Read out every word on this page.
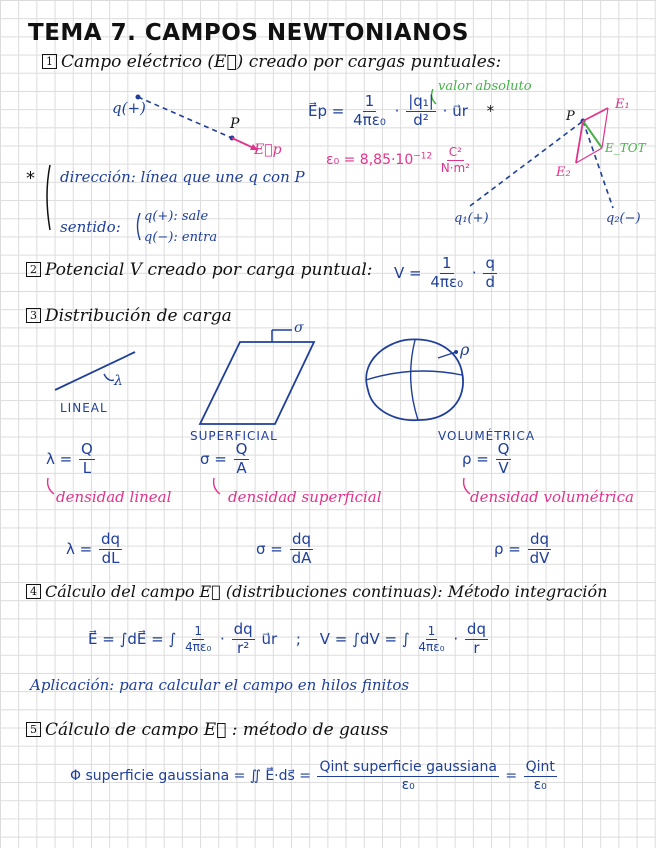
TEMA 7. CAMPOS NEWTONIANOS
1 Campo eléctrico (E⃗) creado por cargas puntuales:
q(+)
P
E⃗p
E⃗p = $\frac{1}{\text{4πε₀}} \cdot \frac{\text{|q₁|}}{\text{d²}}$ · u⃗r *
valor absoluto
$\varepsilon_0 = 8,85\cdot 10^{-12} \frac{\text{C²}}{\text{N·m²}}$
* dirección: línea que une q con P
sentido:
q(+): sale
q(−): entra
P
E₁
E_TOT
E₂
q₁(+)	q₂(−)
2 Potencial V creado por carga puntual: $V = \frac{1}{\text{4πε₀}} \cdot \frac{q}{d}$
3 Distribución de carga
λ
σ
ρ
LINEAL
SUPERFICIAL	VOLUMÉTRICA
$\lambda = \frac{Q}{L}$	$\sigma = \frac{Q}{A}$	$\rho = \frac{Q}{V}$
densidad lineal	densidad superficial	densidad volumétrica
$\lambda = \frac{dq}{dL}$	$\sigma = \frac{dq}{dA}$	$\rho = \frac{dq}{dV}$
4 Cálculo del campo E⃗ (distribuciones continuas): Método integración
E⃗ = ∫dE⃗ = ∫ $\frac{1}{\text{4πε₀}} \cdot \frac{dq}{\text{r²}}$ u⃗r ; V = ∫dV = ∫ $\frac{1}{\text{4πε₀}} \cdot \frac{dq}{r}$
Aplicación: para calcular el campo en hilos finitos
5 Cálculo de campo E⃗ : método de gauss
Φ superficie gaussiana = ∬ E⃗·ds⃗ = $\frac{\text{Qint superficie gaussiana}}{\text{ε₀}} = \frac{\text{Qint}}{\text{ε₀}}$
